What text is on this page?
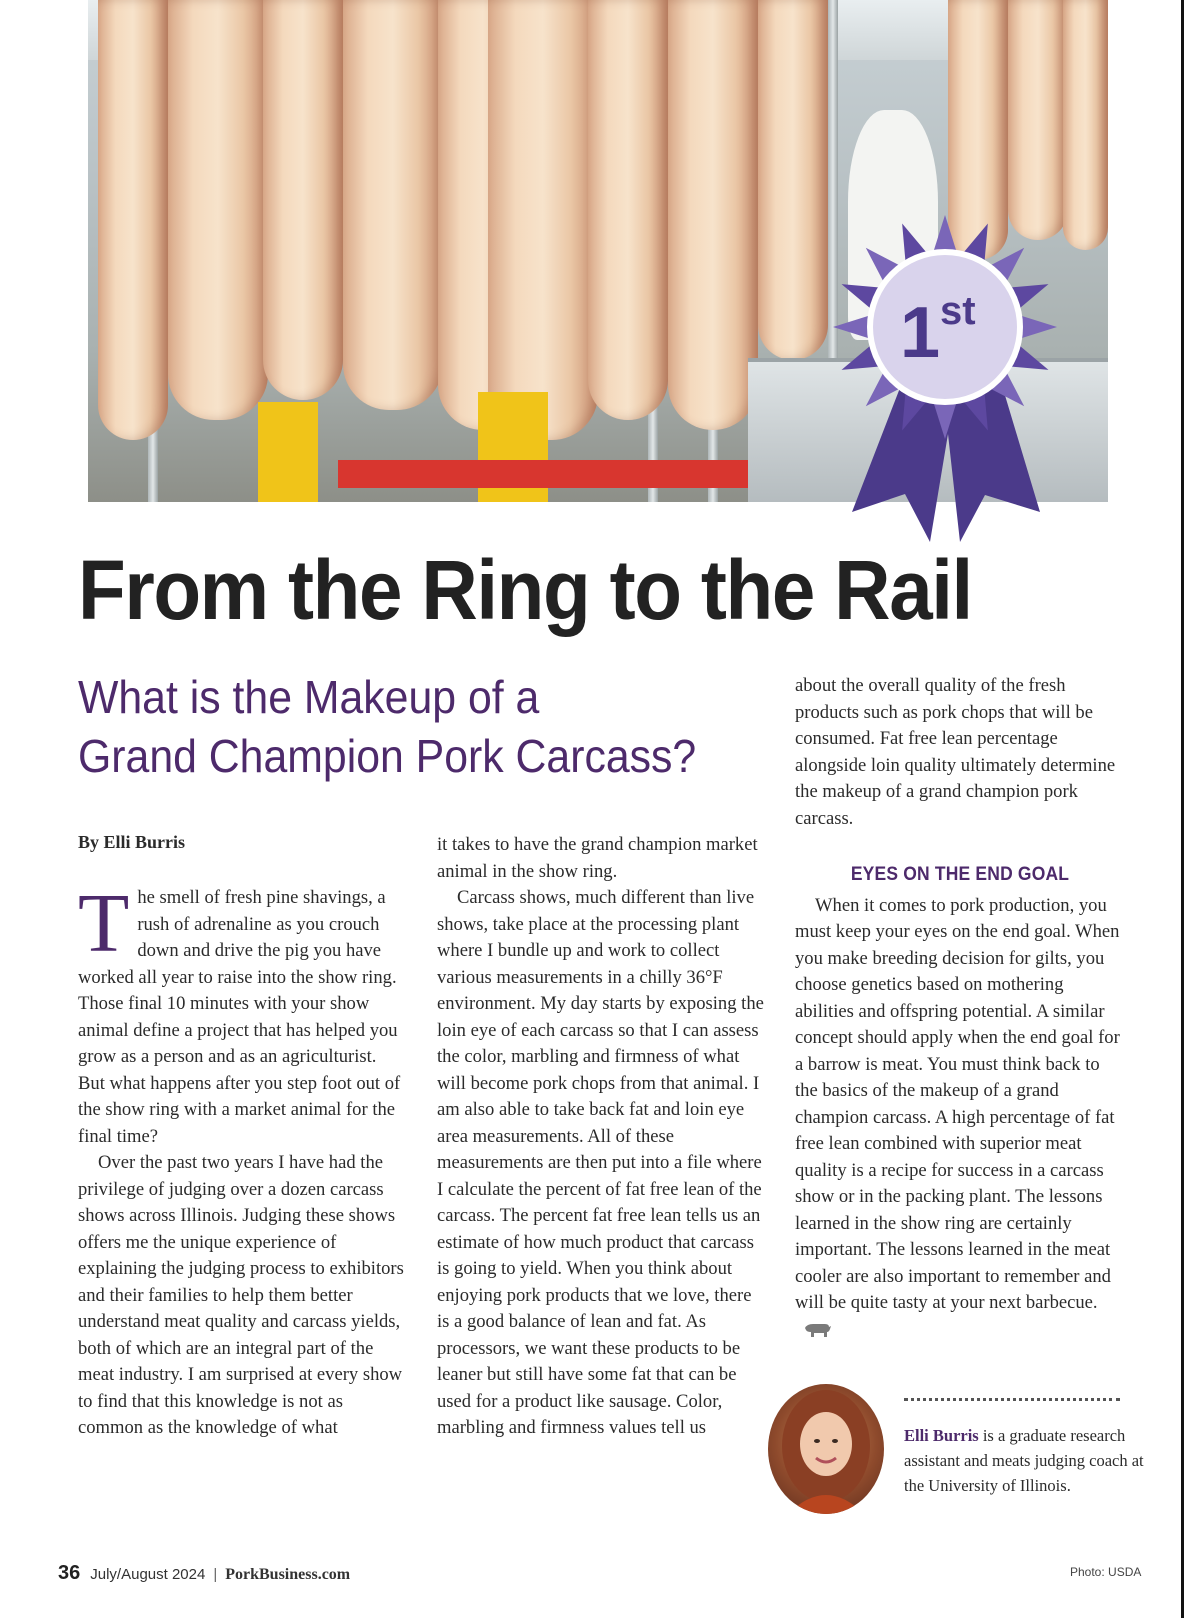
1 st
From the Ring to the Rail
What is the Makeup of a
Grand Champion Pork Carcass?
By Elli Burris

The smell of fresh pine shavings, a rush of adrenaline as you crouch down and drive the pig you have worked all year to raise into the show ring. Those final 10 minutes with your show animal define a project that has helped you grow as a person and as an agriculturist. But what happens after you step foot out of the show ring with a market animal for the final time?

Over the past two years I have had the privilege of judging over a dozen carcass shows across Illinois. Judging these shows offers me the unique experience of explaining the judging process to exhibitors and their families to help them better understand meat quality and carcass yields, both of which are an integral part of the meat industry. I am surprised at every show to find that this knowledge is not as common as the knowledge of what

it takes to have the grand champion market animal in the show ring.

Carcass shows, much different than live shows, take place at the processing plant where I bundle up and work to collect various measurements in a chilly 36°F environment. My day starts by exposing the loin eye of each carcass so that I can assess the color, marbling and firmness of what will become pork chops from that animal. I am also able to take back fat and loin eye area measurements. All of these measurements are then put into a file where I calculate the percent of fat free lean of the carcass. The percent fat free lean tells us an estimate of how much product that carcass is going to yield. When you think about enjoying pork products that we love, there is a good balance of lean and fat. As processors, we want these products to be leaner but still have some fat that can be used for a product like sausage. Color, marbling and firmness values tell us

about the overall quality of the fresh products such as pork chops that will be consumed. Fat free lean percentage alongside loin quality ultimately determine the makeup of a grand champion pork carcass.

EYES ON THE END GOAL

When it comes to pork production, you must keep your eyes on the end goal. When you make breeding decision for gilts, you choose genetics based on mothering abilities and offspring potential. A similar concept should apply when the end goal for a barrow is meat. You must think back to the basics of the makeup of a grand champion carcass. A high percentage of fat free lean combined with superior meat quality is a recipe for success in a carcass show or in the packing plant. The lessons learned in the show ring are certainly important. The lessons learned in the meat cooler are also important to remember and will be quite tasty at your next barbecue.

Elli Burris is a graduate research assistant and meats judging coach at the University of Illinois.
36 July/August 2024 | PorkBusiness.com	Photo: USDA
